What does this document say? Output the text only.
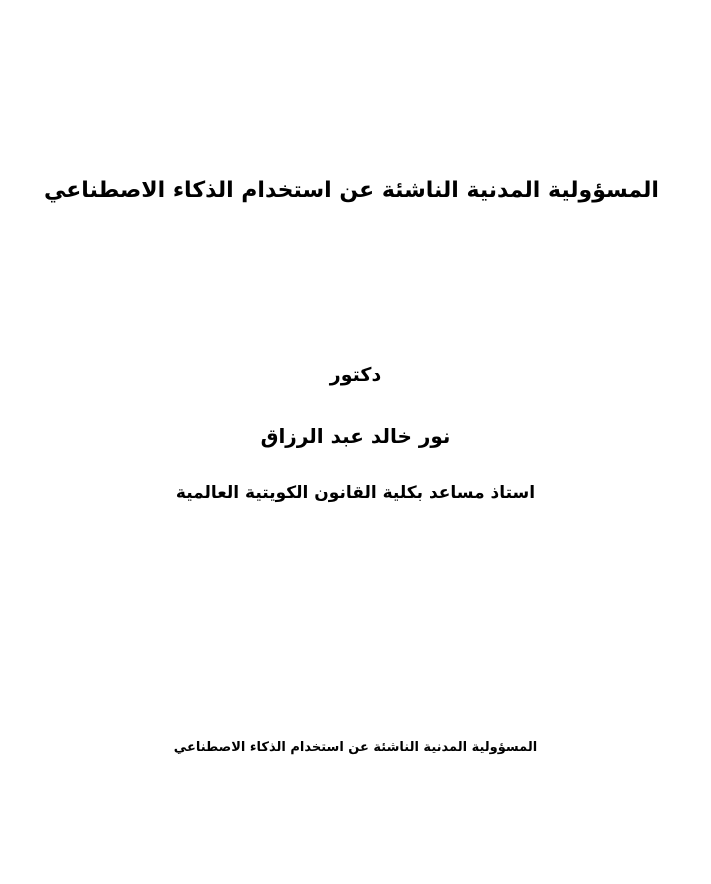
المسؤولية المدنية الناشئة عن استخدام الذكاء الاصطناعي
دكتور
نور خالد عبد الرزاق
استاذ مساعد بكلية القانون الكويتية العالمية
المسؤولية المدنية الناشئة عن استخدام الذكاء الاصطناعي
